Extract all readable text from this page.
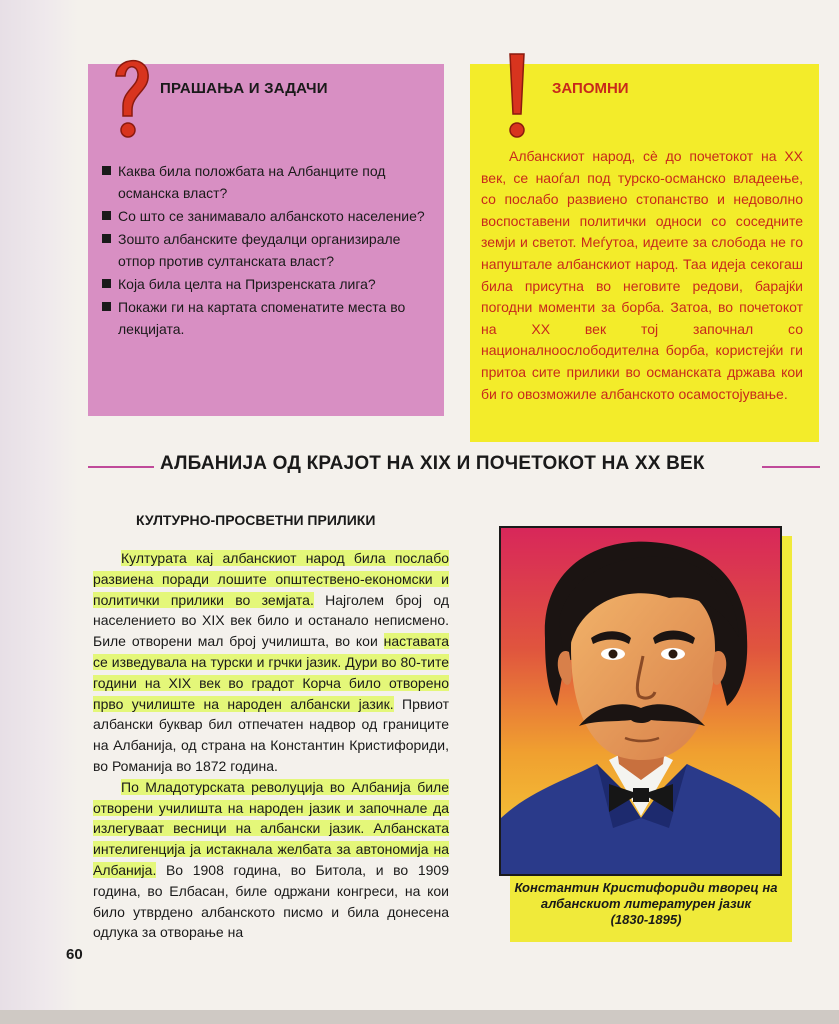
ПРАШАЊА И ЗАДАЧИ
Каква била положбата на Албанците под османска власт?
Со што се занимавало албанското население?
Зошто албанските феудалци организирале отпор против султанската власт?
Која била целта на Призренската лига?
Покажи ги на картата споменатите места во лекцијата.
ЗАПОМНИ

Албанскиот народ, сè до почетокот на XX век, се наоѓал под турско-османско владеење, со послабо развиено стопанство и недоволно воспоставени политички односи со соседните земји и светот. Меѓутоа, идеите за слобода не го напуштале албанскиот народ. Таа идеја секогаш била присутна во неговите редови, барајќи погодни моменти за борба. Затоа, во почетокот на XX век тој започнал со националноослободителна борба, користејќи ги притоа сите прилики во османската држава кои би го овозможиле албанското осамостојување.

АЛБАНИЈА ОД КРАЈОТ НА XIX И ПОЧЕТОКОТ НА XX ВЕК
КУЛТУРНО-ПРОСВЕТНИ ПРИЛИКИ

Културата кај албанскиот народ била послабо развиена поради лошите општествено-економски и политички прилики во земјата. Најголем број од населението во XIX век било и останало неписмено. Биле отворени мал број училишта, во кои наставата се изведувала на турски и грчки јазик. Дури во 80-тите години на XIX век во градот Корча било отворено прво училиште на народен албански јазик. Првиот албански буквар бил отпечатен надвор од границите на Албанија, од страна на Константин Кристифориди, во Романија во 1872 година.

По Младотурската револуција во Албанија биле отворени училишта на народен јазик и започнале да излегуваат весници на албански јазик. Албанската интелигенција ја истакнала желбата за автономија на Албанија. Во 1908 година, во Битола, и во 1909 година, во Елбасан, биле одржани конгреси, на кои било утврдено албанското писмо и била донесена одлука за отворање на

Константин Кристифориди творец на
албанскиот литературен јазик
(1830-1895)
60
